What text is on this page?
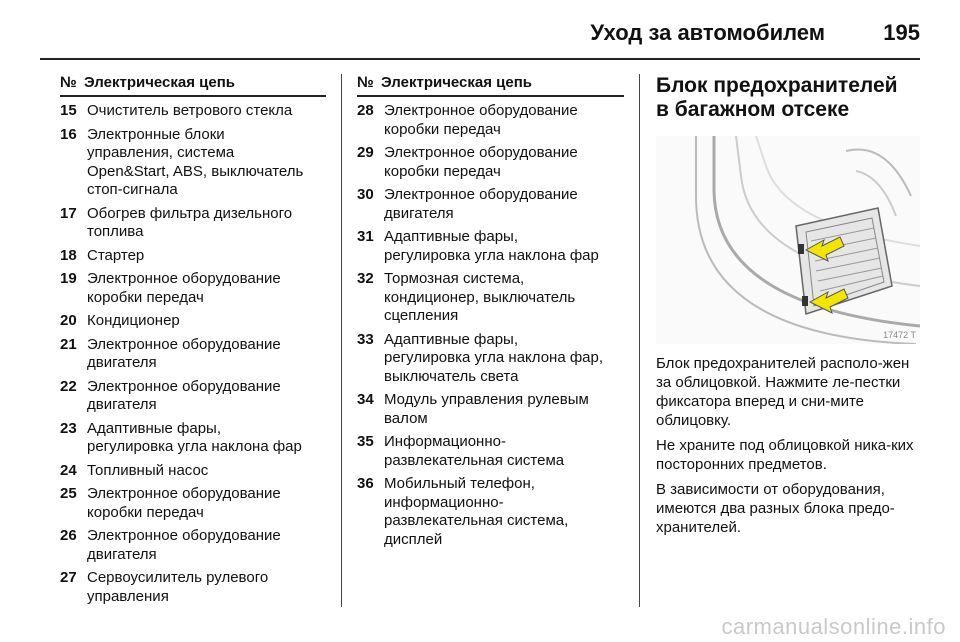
Уход за автомобилем	195
№ Электрическая цепь
15 Очиститель ветрового стекла
16 Электронные блоки
управления, система
Open&Start, ABS, выключатель
стоп-сигнала
17 Обогрев фильтра дизельного
топлива
18 Стартер
19 Электронное оборудование
коробки передач
20 Кондиционер
21 Электронное оборудование
двигателя
22 Электронное оборудование
двигателя
23 Адаптивные фары,
регулировка угла наклона фар
24 Топливный насос
25 Электронное оборудование
коробки передач
26 Электронное оборудование
двигателя
27 Сервоусилитель рулевого
управления
№ Электрическая цепь
28 Электронное оборудование
коробки передач
29 Электронное оборудование
коробки передач
30 Электронное оборудование
двигателя
31 Адаптивные фары,
регулировка угла наклона фар
32 Тормозная система,
кондиционер, выключатель
сцепления
33 Адаптивные фары,
регулировка угла наклона фар,
выключатель света
34 Модуль управления рулевым
валом
35 Информационно-
развлекательная система
36 Мобильный телефон,
информационно-
развлекательная система,
дисплей
Блок предохранителей
в багажном отсеке
17472 T

Блок предохранителей располо-жен за облицовкой. Нажмите ле-пестки фиксатора вперед и сни-мите облицовку.

Не храните под облицовкой ника-ких посторонних предметов.

В зависимости от оборудования, имеются два разных блока предо-хранителей.

carmanualsonline.info
